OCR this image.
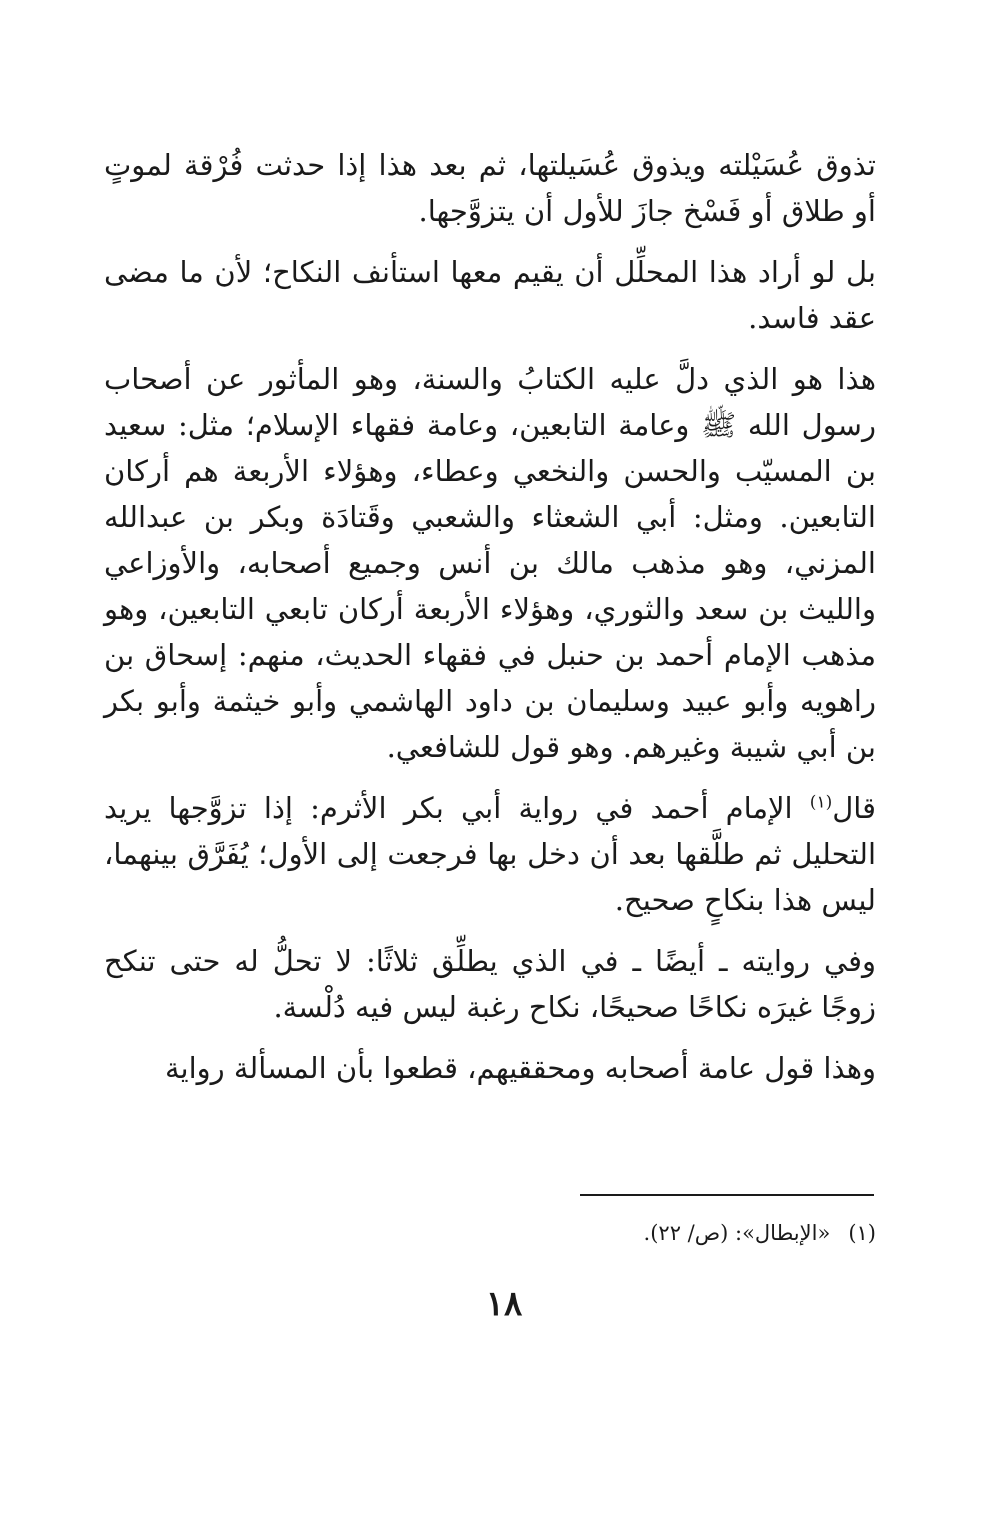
تذوق عُسَيْلته ويذوق عُسَيلتها، ثم بعد هذا إذا حدثت فُرْقة لموتٍ أو طلاق أو فَسْخ جازَ للأول أن يتزوَّجها.

بل لو أراد هذا المحلِّل أن يقيم معها استأنف النكاح؛ لأن ما مضى عقد فاسد.

هذا هو الذي دلَّ عليه الكتابُ والسنة، وهو المأثور عن أصحاب رسول الله ﷺ وعامة التابعين، وعامة فقهاء الإسلام؛ مثل: سعيد بن المسيّب والحسن والنخعي وعطاء، وهؤلاء الأربعة هم أركان التابعين. ومثل: أبي الشعثاء والشعبي وقَتادَة وبكر بن عبدالله المزني، وهو مذهب مالك بن أنس وجميع أصحابه، والأوزاعي والليث بن سعد والثوري، وهؤلاء الأربعة أركان تابعي التابعين، وهو مذهب الإمام أحمد بن حنبل في فقهاء الحديث، منهم: إسحاق بن راهويه وأبو عبيد وسليمان بن داود الهاشمي وأبو خيثمة وأبو بكر بن أبي شيبة وغيرهم. وهو قول للشافعي.

قال$^{(١)}$ الإمام أحمد في رواية أبي بكر الأثرم: إذا تزوَّجها يريد التحليل ثم طلَّقها بعد أن دخل بها فرجعت إلى الأول؛ يُفَرَّق بينهما، ليس هذا بنكاحٍ صحيح.

وفي روايته ـ أيضًا ـ في الذي يطلِّق ثلاثًا: لا تحلُّ له حتى تنكح زوجًا غيرَه نكاحًا صحيحًا، نكاح رغبة ليس فيه دُلْسة.

وهذا قول عامة أصحابه ومحققيهم، قطعوا بأن المسألة رواية

(١)«الإبطال»: (ص/ ٢٢).
١٨
